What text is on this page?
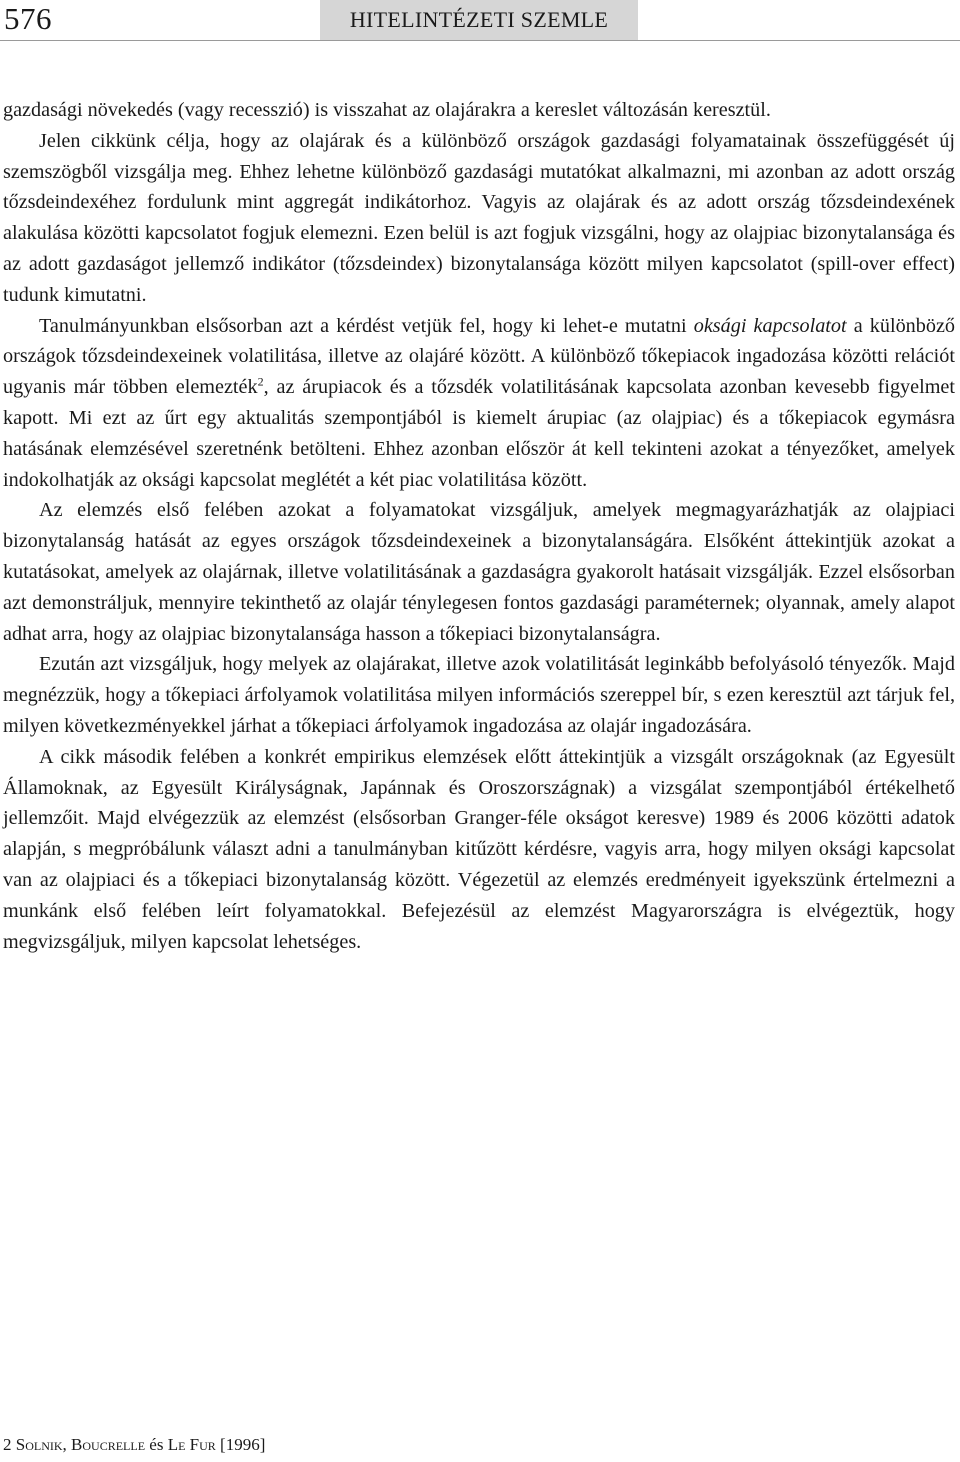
576	HITELINTÉZETI SZEMLE

gazdasági növekedés (vagy recesszió) is visszahat az olajárakra a kereslet változásán keresztül.

Jelen cikkünk célja, hogy az olajárak és a különböző országok gazdasági folyamatainak összefüggését új szemszögből vizsgálja meg. Ehhez lehetne különböző gazdasági mutatókat alkalmazni, mi azonban az adott ország tőzsdeindexéhez fordulunk mint aggregát indikátorhoz. Vagyis az olajárak és az adott ország tőzsdeindexének alakulása közötti kapcsolatot fogjuk elemezni. Ezen belül is azt fogjuk vizsgálni, hogy az olajpiac bizonytalansága és az adott gazdaságot jellemző indikátor (tőzsdeindex) bizonytalansága között milyen kapcsolatot (spill-over effect) tudunk kimutatni.

Tanulmányunkban elsősorban azt a kérdést vetjük fel, hogy ki lehet-e mutatni oksági kapcsolatot a különböző országok tőzsdeindexeinek volatilitása, illetve az olajáré között. A különböző tőkepiacok ingadozása közötti relációt ugyanis már többen elemezték$^2$, az árupiacok és a tőzsdék volatilitásának kapcsolata azonban kevesebb figyelmet kapott. Mi ezt az űrt egy aktualitás szempontjából is kiemelt árupiac (az olajpiac) és a tőkepiacok egymásra hatásának elemzésével szeretnénk betölteni. Ehhez azonban először át kell tekinteni azokat a tényezőket, amelyek indokolhatják az oksági kapcsolat meglétét a két piac volatilitása között.

Az elemzés első felében azokat a folyamatokat vizsgáljuk, amelyek megmagyarázhatják az olajpiaci bizonytalanság hatását az egyes országok tőzsdeindexeinek a bizonytalanságára. Elsőként áttekintjük azokat a kutatásokat, amelyek az olajárnak, illetve volatilitásának a gazdaságra gyakorolt hatásait vizsgálják. Ezzel elsősorban azt demonstráljuk, mennyire tekinthető az olajár ténylegesen fontos gazdasági paraméternek; olyannak, amely alapot adhat arra, hogy az olajpiac bizonytalansága hasson a tőkepiaci bizonytalanságra.

Ezután azt vizsgáljuk, hogy melyek az olajárakat, illetve azok volatilitását leginkább befolyásoló tényezők. Majd megnézzük, hogy a tőkepiaci árfolyamok volatilitása milyen információs szereppel bír, s ezen keresztül azt tárjuk fel, milyen következményekkel járhat a tőkepiaci árfolyamok ingadozása az olajár ingadozására.

A cikk második felében a konkrét empirikus elemzések előtt áttekintjük a vizsgált országoknak (az Egyesült Államoknak, az Egyesült Királyságnak, Japánnak és Oroszországnak) a vizsgálat szempontjából értékelhető jellemzőit. Majd elvégezzük az elemzést (elsősorban Granger-féle okságot keresve) 1989 és 2006 közötti adatok alapján, s megpróbálunk választ adni a tanulmányban kitűzött kérdésre, vagyis arra, hogy milyen oksági kapcsolat van az olajpiaci és a tőkepiaci bizonytalanság között. Végezetül az elemzés eredményeit igyekszünk értelmezni a munkánk első felében leírt folyamatokkal. Befejezésül az elemzést Magyarországra is elvégeztük, hogy megvizsgáljuk, milyen kapcsolat lehetséges.

2 Solnik, Boucrelle és Le Fur [1996]
